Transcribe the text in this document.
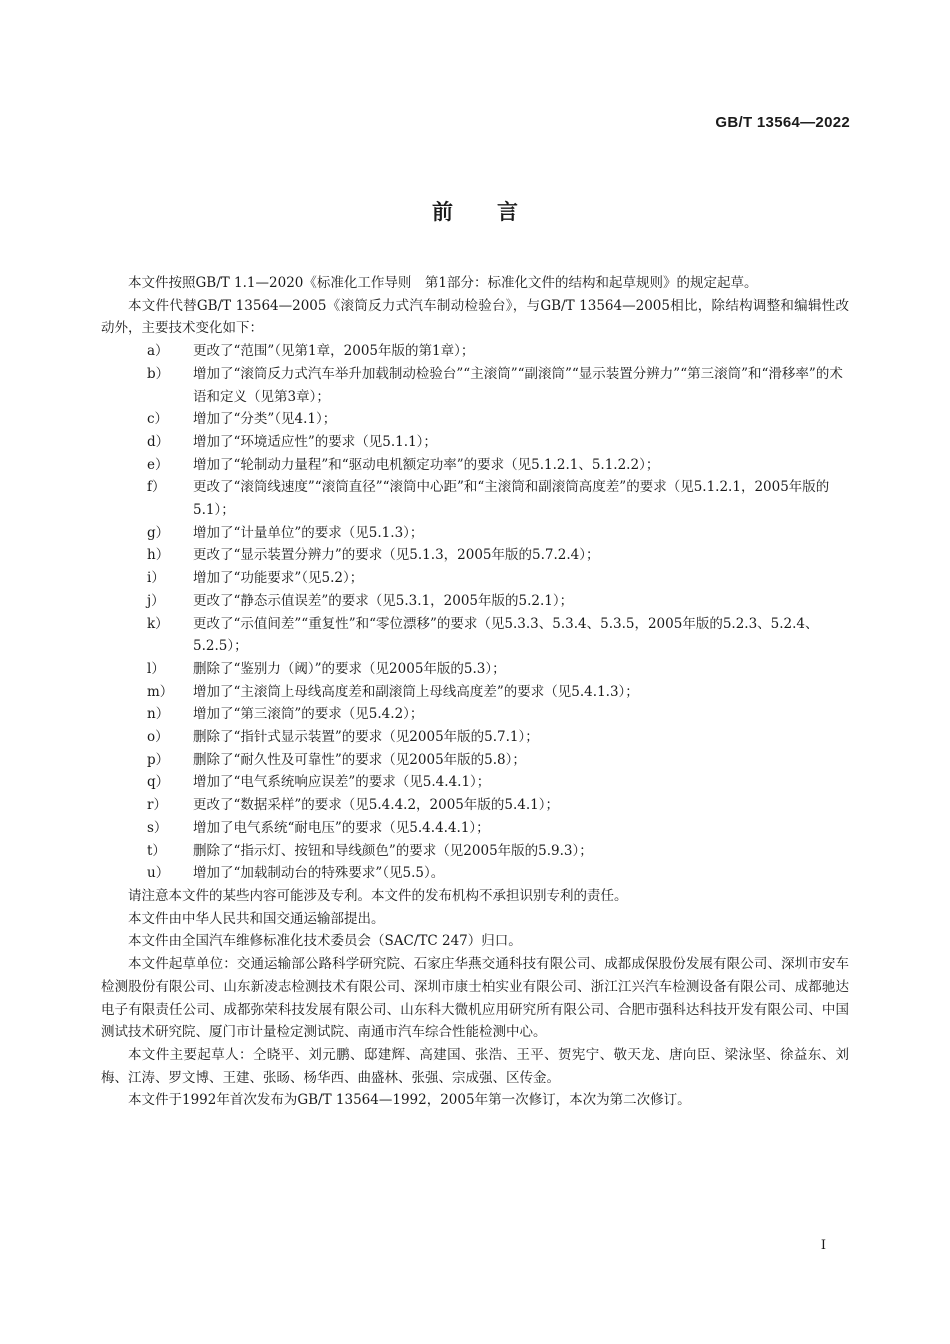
GB/T 13564—2022
前言

本文件按照GB/T 1.1—2020《标准化工作导则　第1部分：标准化文件的结构和起草规则》的规定起草。

本文件代替GB/T 13564—2005《滚筒反力式汽车制动检验台》，与GB/T 13564—2005相比，除结构调整和编辑性改动外，主要技术变化如下：

a）	更改了“范围”（见第1章，2005年版的第1章）；
b）	增加了“滚筒反力式汽车举升加载制动检验台”“主滚筒”“副滚筒”“显示装置分辨力”“第三滚筒”和“滑移率”的术语和定义（见第3章）；
c）	增加了“分类”（见4.1）；
d）	增加了“环境适应性”的要求（见5.1.1）；
e）	增加了“轮制动力量程”和“驱动电机额定功率”的要求（见5.1.2.1、5.1.2.2）；
f）	更改了“滚筒线速度”“滚筒直径”“滚筒中心距”和“主滚筒和副滚筒高度差”的要求（见5.1.2.1，2005年版的5.1）；
g）	增加了“计量单位”的要求（见5.1.3）；
h）	更改了“显示装置分辨力”的要求（见5.1.3，2005年版的5.7.2.4）；
i）	增加了“功能要求”（见5.2）；
j）	更改了“静态示值误差”的要求（见5.3.1，2005年版的5.2.1）；
k）	更改了“示值间差”“重复性”和“零位漂移”的要求（见5.3.3、5.3.4、5.3.5，2005年版的5.2.3、5.2.4、5.2.5）；
l）	删除了“鉴别力（阈）”的要求（见2005年版的5.3）；
m）	增加了“主滚筒上母线高度差和副滚筒上母线高度差”的要求（见5.4.1.3）；
n）	增加了“第三滚筒”的要求（见5.4.2）；
o）	删除了“指针式显示装置”的要求（见2005年版的5.7.1）；
p）	删除了“耐久性及可靠性”的要求（见2005年版的5.8）；
q）	增加了“电气系统响应误差”的要求（见5.4.4.1）；
r）	更改了“数据采样”的要求（见5.4.4.2，2005年版的5.4.1）；
s）	增加了电气系统“耐电压”的要求（见5.4.4.4.1）；
t）	删除了“指示灯、按钮和导线颜色”的要求（见2005年版的5.9.3）；
u）	增加了“加载制动台的特殊要求”（见5.5）。

请注意本文件的某些内容可能涉及专利。本文件的发布机构不承担识别专利的责任。

本文件由中华人民共和国交通运输部提出。

本文件由全国汽车维修标准化技术委员会（SAC/TC 247）归口。

本文件起草单位：交通运输部公路科学研究院、石家庄华燕交通科技有限公司、成都成保股份发展有限公司、深圳市安车检测股份有限公司、山东新凌志检测技术有限公司、深圳市康士柏实业有限公司、浙江江兴汽车检测设备有限公司、成都驰达电子有限责任公司、成都弥荣科技发展有限公司、山东科大微机应用研究所有限公司、合肥市强科达科技开发有限公司、中国测试技术研究院、厦门市计量检定测试院、南通市汽车综合性能检测中心。

本文件主要起草人：仝晓平、刘元鹏、邸建辉、高建国、张浩、王平、贺宪宁、敬天龙、唐向臣、梁泳坚、徐益东、刘梅、江涛、罗文博、王建、张旸、杨华西、曲盛林、张强、宗成强、区传金。

本文件于1992年首次发布为GB/T 13564—1992，2005年第一次修订，本次为第二次修订。

I
